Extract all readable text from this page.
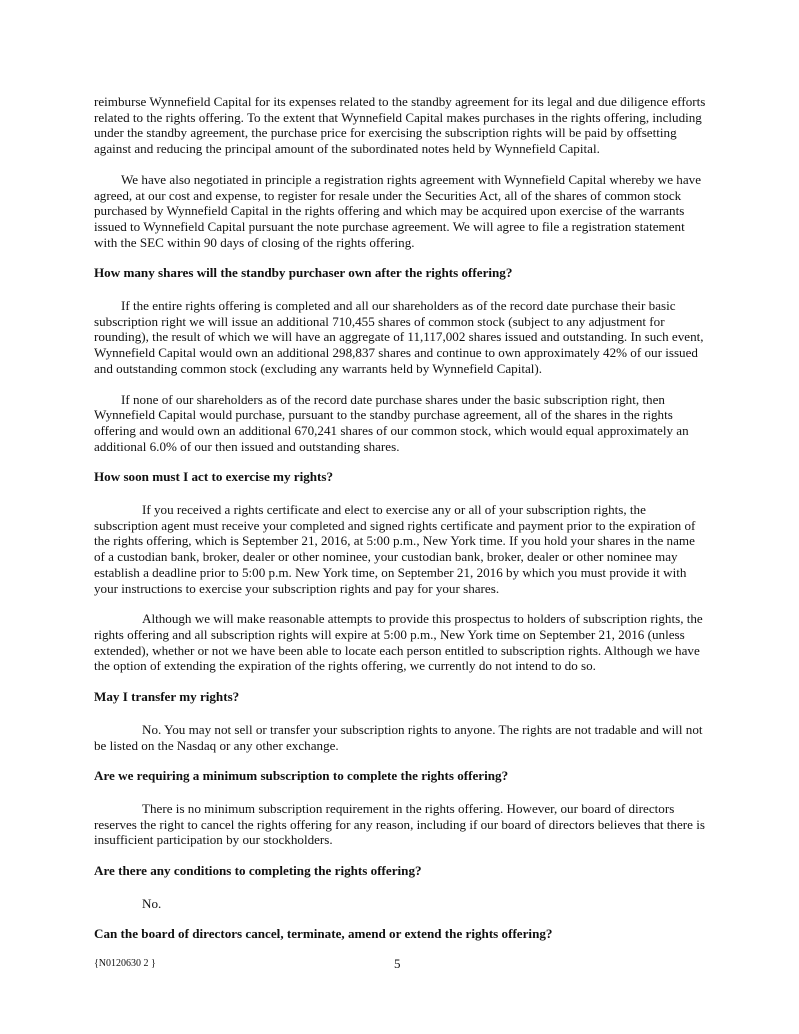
reimburse Wynnefield Capital for its expenses related to the standby agreement for its legal and due diligence efforts related to the rights offering. To the extent that Wynnefield Capital makes purchases in the rights offering, including under the standby agreement, the purchase price for exercising the subscription rights will be paid by offsetting against and reducing the principal amount of the subordinated notes held by Wynnefield Capital.

We have also negotiated in principle a registration rights agreement with Wynnefield Capital whereby we have agreed, at our cost and expense, to register for resale under the Securities Act, all of the shares of common stock purchased by Wynnefield Capital in the rights offering and which may be acquired upon exercise of the warrants issued to Wynnefield Capital pursuant the note purchase agreement. We will agree to file a registration statement with the SEC within 90 days of closing of the rights offering.

How many shares will the standby purchaser own after the rights offering?

If the entire rights offering is completed and all our shareholders as of the record date purchase their basic subscription right we will issue an additional 710,455 shares of common stock (subject to any adjustment for rounding), the result of which we will have an aggregate of 11,117,002 shares issued and outstanding. In such event, Wynnefield Capital would own an additional 298,837 shares and continue to own approximately 42% of our issued and outstanding common stock (excluding any warrants held by Wynnefield Capital).

If none of our shareholders as of the record date purchase shares under the basic subscription right, then Wynnefield Capital would purchase, pursuant to the standby purchase agreement, all of the shares in the rights offering and would own an additional 670,241 shares of our common stock, which would equal approximately an additional 6.0% of our then issued and outstanding shares.

How soon must I act to exercise my rights?

If you received a rights certificate and elect to exercise any or all of your subscription rights, the subscription agent must receive your completed and signed rights certificate and payment prior to the expiration of the rights offering, which is September 21, 2016, at 5:00 p.m., New York time. If you hold your shares in the name of a custodian bank, broker, dealer or other nominee, your custodian bank, broker, dealer or other nominee may establish a deadline prior to 5:00 p.m. New York time, on September 21, 2016 by which you must provide it with your instructions to exercise your subscription rights and pay for your shares.

Although we will make reasonable attempts to provide this prospectus to holders of subscription rights, the rights offering and all subscription rights will expire at 5:00 p.m., New York time on September 21, 2016 (unless extended), whether or not we have been able to locate each person entitled to subscription rights. Although we have the option of extending the expiration of the rights offering, we currently do not intend to do so.

May I transfer my rights?

No. You may not sell or transfer your subscription rights to anyone. The rights are not tradable and will not be listed on the Nasdaq or any other exchange.

Are we requiring a minimum subscription to complete the rights offering?

There is no minimum subscription requirement in the rights offering. However, our board of directors reserves the right to cancel the rights offering for any reason, including if our board of directors believes that there is insufficient participation by our stockholders.

Are there any conditions to completing the rights offering?

No.

Can the board of directors cancel, terminate, amend or extend the rights offering?

{N0120630 2 }	5
